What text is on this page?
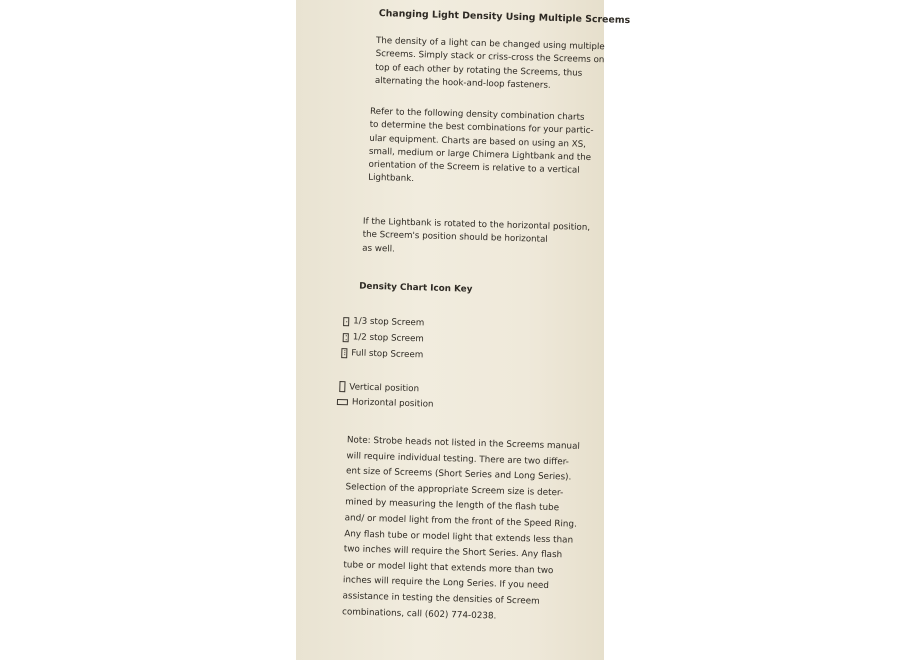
Changing Light Density Using Multiple Screems

The density of a light can be changed using multiple
Screems. Simply stack or criss-cross the Screems on
top of each other by rotating the Screems, thus
alternating the hook-and-loop fasteners.

Refer to the following density combination charts
to determine the best combinations for your partic-
ular equipment. Charts are based on using an XS,
small, medium or large Chimera Lightbank and the
orientation of the Screem is relative to a vertical
Lightbank.

If the Lightbank is rotated to the horizontal position,
the Screem's position should be horizontal
as well.

Density Chart Icon Key
1/3 stop Screem
1/2 stop Screem
Full stop Screem
Vertical position
Horizontal position

Note: Strobe heads not listed in the Screems manual
will require individual testing. There are two differ-
ent size of Screems (Short Series and Long Series).
Selection of the appropriate Screem size is deter-
mined by measuring the length of the flash tube
and/ or model light from the front of the Speed Ring.
Any flash tube or model light that extends less than
two inches will require the Short Series. Any flash
tube or model light that extends more than two
inches will require the Long Series. If you need
assistance in testing the densities of Screem
combinations, call (602) 774-0238.
